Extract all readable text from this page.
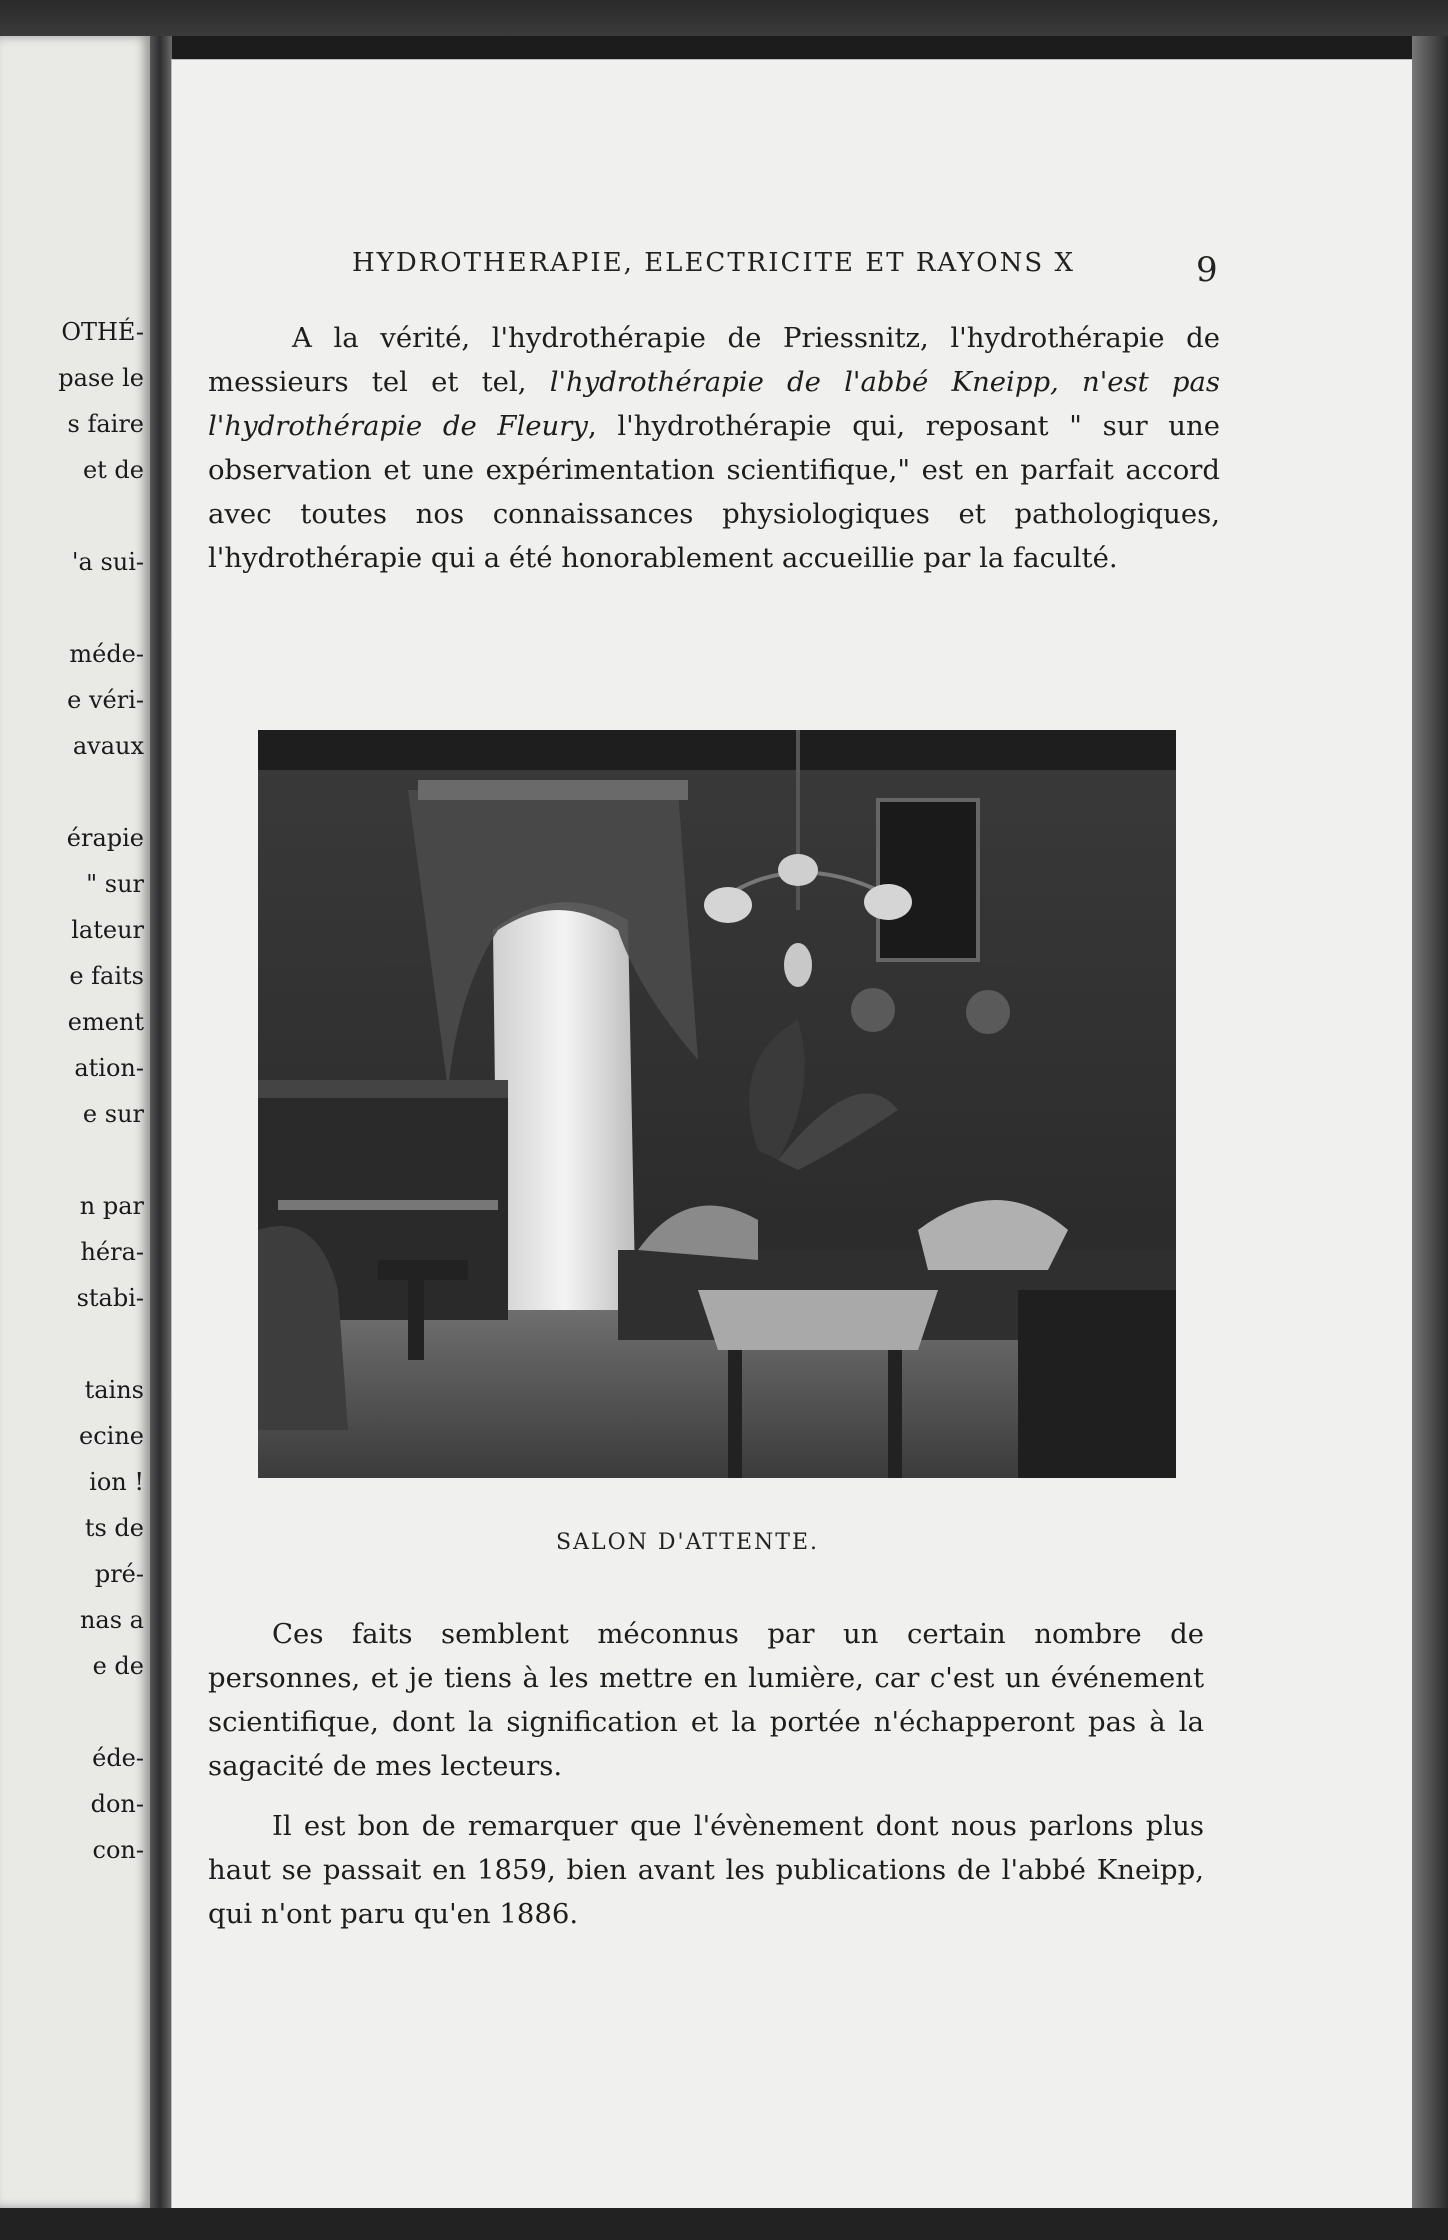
OTHÉ-
pase le
s faire
et de
'a sui-
méde-
e véri-
avaux
érapie
" sur
lateur
e faits
ement
ation-
e sur
n par
héra-
stabi-
tains
ecine
ion !
ts de
pré-
nas a
e de
éde-
don-
con-
HYDROTHERAPIE, ELECTRICITE ET RAYONS X	9

A la vérité, l'hydrothérapie de Priessnitz, l'hydrothérapie de messieurs tel et tel, l'hydrothérapie de l'abbé Kneipp, n'est pas l'hydrothérapie de Fleury, l'hydrothérapie qui, reposant " sur une observation et une expérimentation scientifique," est en parfait accord avec toutes nos connaissances physiologiques et pathologiques, l'hydrothérapie qui a été honorablement accueillie par la faculté.

SALON D'ATTENTE.

Ces faits semblent méconnus par un certain nombre de personnes, et je tiens à les mettre en lumière, car c'est un événement scientifique, dont la signification et la portée n'échapperont pas à la sagacité de mes lecteurs.

Il est bon de remarquer que l'évènement dont nous parlons plus haut se passait en 1859, bien avant les publications de l'abbé Kneipp, qui n'ont paru qu'en 1886.
